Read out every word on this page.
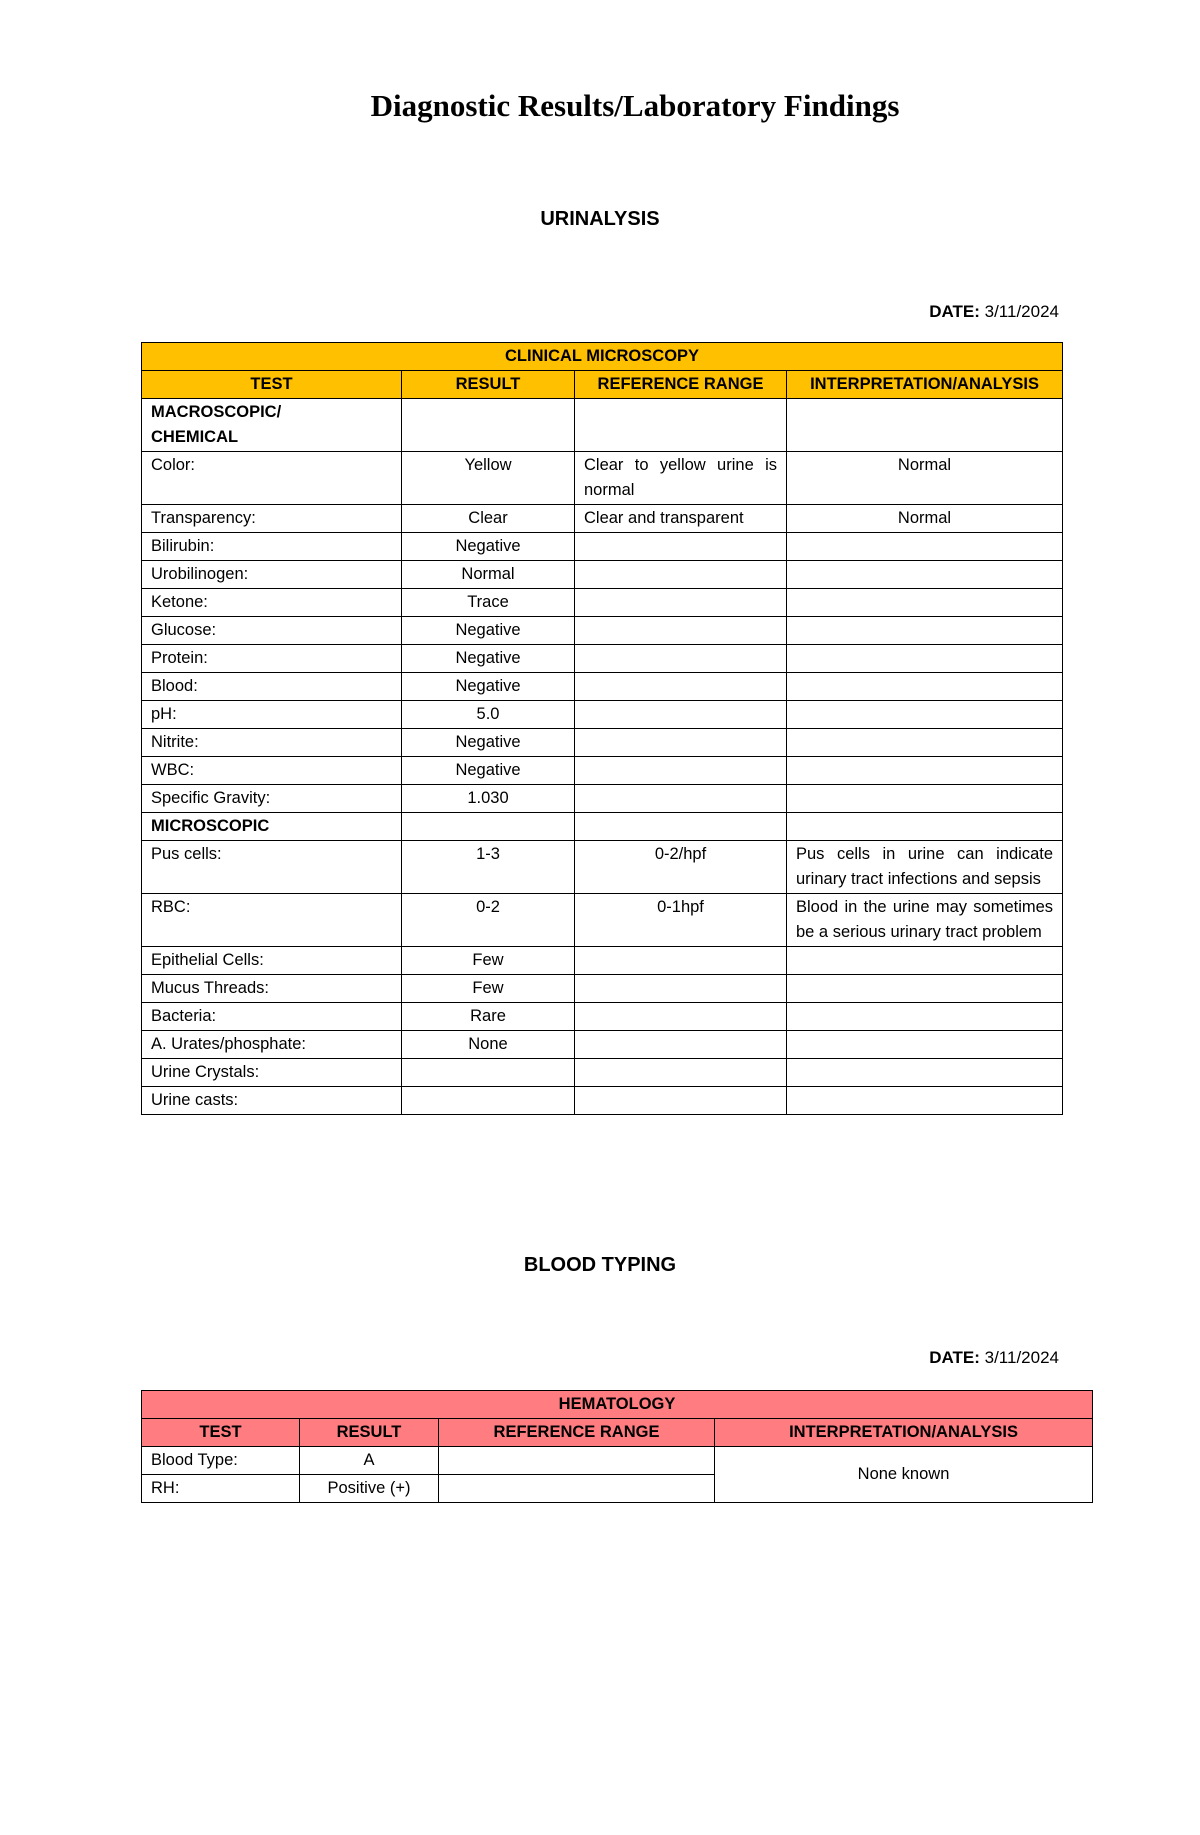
Diagnostic Results/Laboratory Findings
URINALYSIS
DATE: 3/11/2024
CLINICAL MICROSCOPY			
TEST	RESULT	REFERENCE RANGE	INTERPRETATION/ANALYSIS
MACROSCOPIC/
CHEMICAL			
Color:	Yellow	Clear to yellow urine is normal	Normal
Transparency:	Clear	Clear and transparent	Normal
Bilirubin:	Negative		
Urobilinogen:	Normal		
Ketone:	Trace		
Glucose:	Negative		
Protein:	Negative		
Blood:	Negative		
pH:	5.0		
Nitrite:	Negative		
WBC:	Negative		
Specific Gravity:	1.030		
MICROSCOPIC			
Pus cells:	1-3	0-2/hpf	Pus cells in urine can indicate urinary tract infections and sepsis
RBC:	0-2	0-1hpf	Blood in the urine may sometimes be a serious urinary tract problem
Epithelial Cells:	Few		
Mucus Threads:	Few		
Bacteria:	Rare		
A. Urates/phosphate:	None		
Urine Crystals:			
Urine casts:			
BLOOD TYPING
DATE: 3/11/2024
HEMATOLOGY			
TEST	RESULT	REFERENCE RANGE	INTERPRETATION/ANALYSIS
Blood Type:	A		None known
RH:	Positive (+)		
